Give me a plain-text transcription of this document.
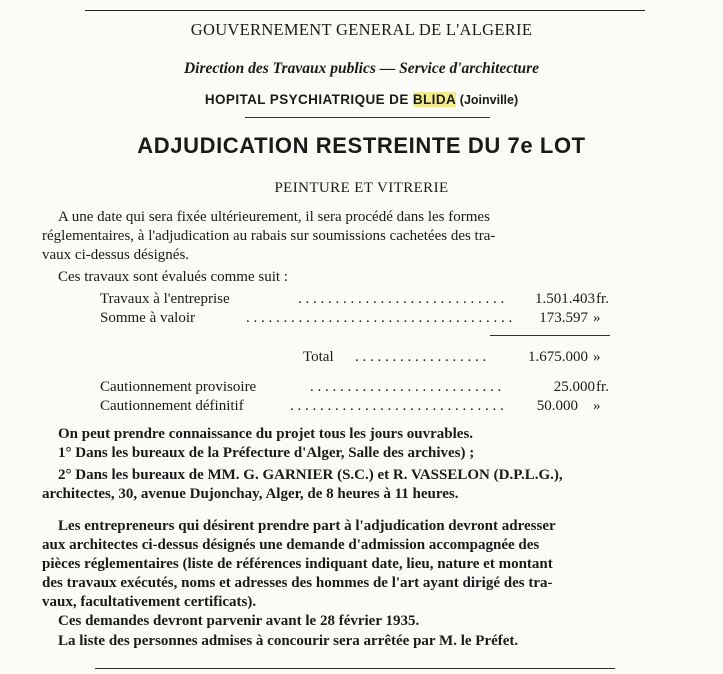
GOUVERNEMENT GENERAL DE L'ALGERIE
Direction des Travaux publics — Service d'architecture
HOPITAL PSYCHIATRIQUE DE BLIDA (Joinville)
ADJUDICATION RESTREINTE DU 7e LOT
PEINTURE ET VITRERIE
A une date qui sera fixée ultérieurement, il sera procédé dans les formes
réglementaires, à l'adjudication au rabais sur soumissions cachetées des tra-
vaux ci-dessus désignés.
Ces travaux sont évalués comme suit :
Travaux à l'entreprise	. . . . . . . . . . . . . . . . . . . . . . . . . . . .	1.501.403 fr.
Somme à valoir	. . . . . . . . . . . . . . . . . . . . . . . . . . . . . . . . . . . .	173.597 »
Total . . . . . . . . . . . . . . . . . .	1.675.000 »
Cautionnement provisoire	. . . . . . . . . . . . . . . . . . . . . . . . . .	25.000 fr.
Cautionnement définitif	. . . . . . . . . . . . . . . . . . . . . . . . . . . . .	50.000 »
On peut prendre connaissance du projet tous les jours ouvrables.
1° Dans les bureaux de la Préfecture d'Alger, Salle des archives) ;
2° Dans les bureaux de MM. G. GARNIER (S.C.) et R. VASSELON (D.P.L.G.),
architectes, 30, avenue Dujonchay, Alger, de 8 heures à 11 heures.
Les entrepreneurs qui désirent prendre part à l'adjudication devront adresser
aux architectes ci-dessus désignés une demande d'admission accompagnée des
pièces réglementaires (liste de références indiquant date, lieu, nature et montant
des travaux exécutés, noms et adresses des hommes de l'art ayant dirigé des tra-
vaux, facultativement certificats).
Ces demandes devront parvenir avant le 28 février 1935.
La liste des personnes admises à concourir sera arrêtée par M. le Préfet.
